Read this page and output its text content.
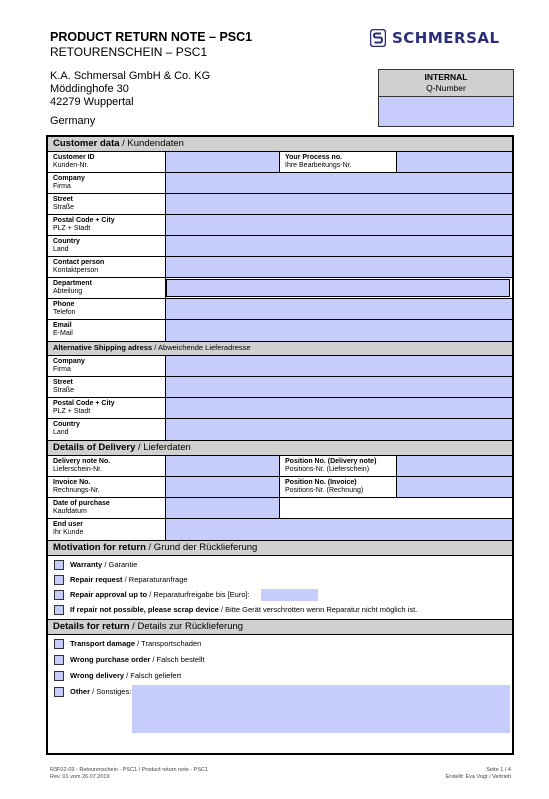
PRODUCT RETURN NOTE – PSC1
RETOURENSCHEIN – PSC1
SCHMERSAL
K.A. Schmersal GmbH & Co. KG
Möddinghofe 30
42279 Wuppertal
Germany
INTERNAL
Q-Number
Customer data / Kundendaten
Customer ID
Kunden-Nr.
Your Process no.
Ihre Bearbeitungs-Nr.
Company
Firma
Street
Straße
Postal Code + City
PLZ + Stadt
Country
Land
Contact person
Kontaktperson
Department
Abteilung
Phone
Telefon
Email
E-Mail
Alternative Shipping adress / Abweichende Lieferadresse
Company
Firma
Street
Straße
Postal Code + City
PLZ + Stadt
Country
Land
Details of Delivery / Lieferdaten
Delivery note No.
Lieferschein-Nr.
Position No. (Delivery note)
Positions-Nr. (Lieferschein)
Invoice No.
Rechnungs-Nr.
Position No. (Invoice)
Positions-Nr. (Rechnung)
Date of purchase
Kaufdatum
End user
Ihr Kunde
Motivation for return / Grund der Rücklieferung
Warranty / Garantie
Repair request / Reparaturanfrage
Repair approval up to / Reparaturfreigabe bis [Euro]:
If repair not possible, please scrap device / Bitte Gerät verschrotten wenn Reparatur nicht möglich ist.
Details for return / Details zur Rücklieferung
Transport damage / Transportschaden
Wrong purchase order / Falsch bestellt
Wrong delivery / Falsch geliefert
Other / Sonstiges:
R3F02-03 - Retourenschein - PSC1 / Product return note - PSC1
Rev. 01 vom 26.07.2019
Seite 1 / 4
Erstellt: Eva Vogt / Vertrieb
